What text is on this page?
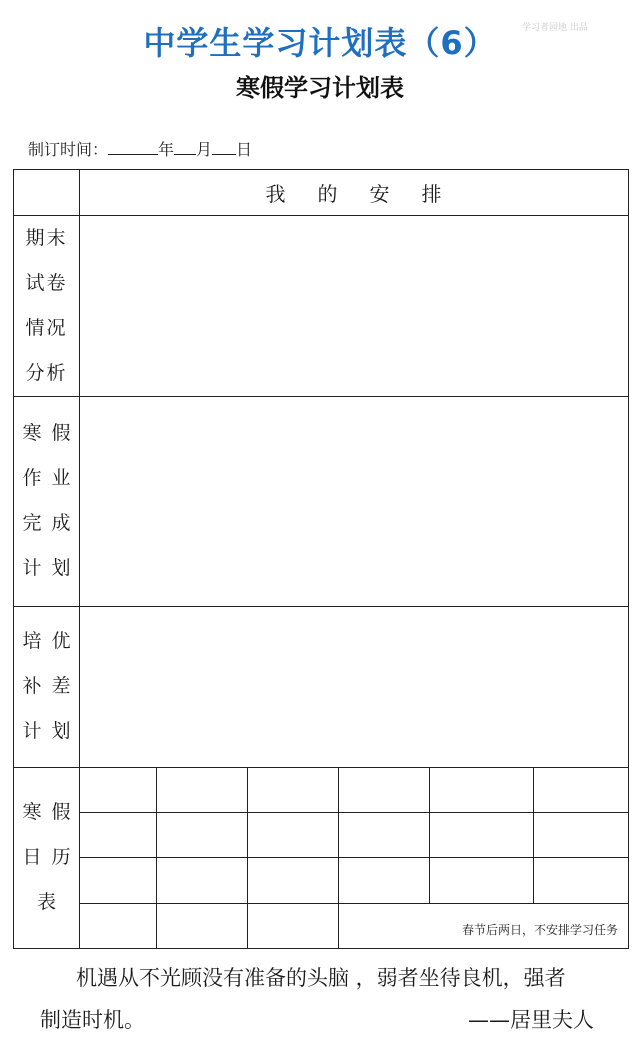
中学生学习计划表（6）	学习者园地 出品
寒假学习计划表
制订时间：	年 月 日
我 的 安 排
期末
试卷
情况
分析
寒假
作业
完成
计划
培优
补差
计划
寒假
日历
表
春节后两日，不安排学习任务
机遇从不光顾没有准备的头脑 ，弱者坐待良机，强者
制造时机。	——居里夫人
